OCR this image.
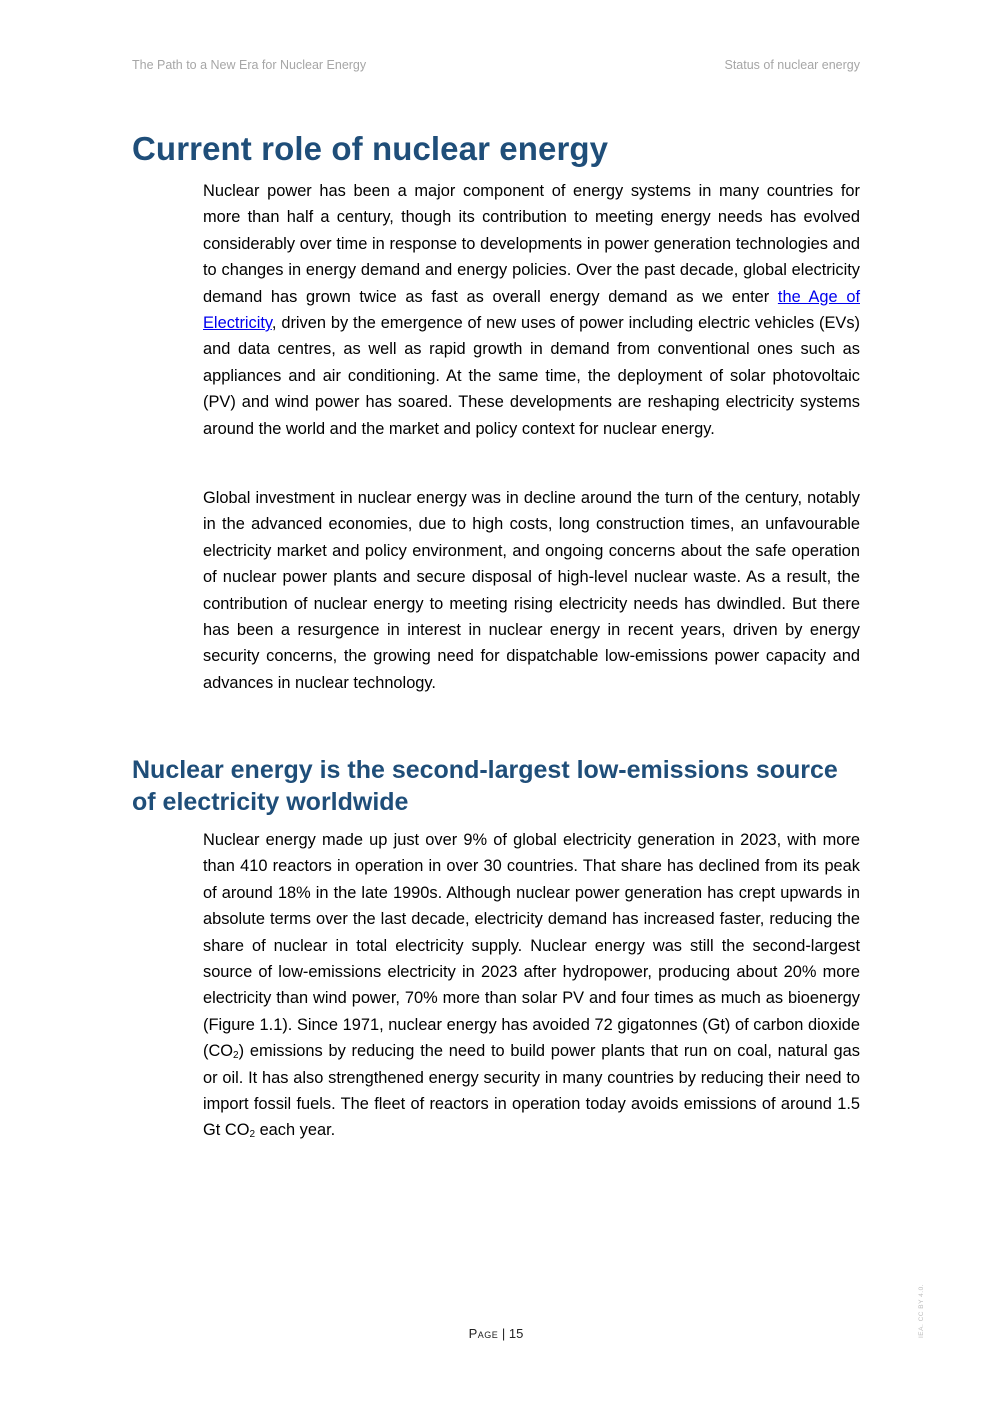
The Path to a New Era for Nuclear Energy	Status of nuclear energy
Current role of nuclear energy

Nuclear power has been a major component of energy systems in many countries for more than half a century, though its contribution to meeting energy needs has evolved considerably over time in response to developments in power generation technologies and to changes in energy demand and energy policies. Over the past decade, global electricity demand has grown twice as fast as overall energy demand as we enter the Age of Electricity, driven by the emergence of new uses of power including electric vehicles (EVs) and data centres, as well as rapid growth in demand from conventional ones such as appliances and air conditioning. At the same time, the deployment of solar photovoltaic (PV) and wind power has soared. These developments are reshaping electricity systems around the world and the market and policy context for nuclear energy.

Global investment in nuclear energy was in decline around the turn of the century, notably in the advanced economies, due to high costs, long construction times, an unfavourable electricity market and policy environment, and ongoing concerns about the safe operation of nuclear power plants and secure disposal of high-level nuclear waste. As a result, the contribution of nuclear energy to meeting rising electricity needs has dwindled. But there has been a resurgence in interest in nuclear energy in recent years, driven by energy security concerns, the growing need for dispatchable low-emissions power capacity and advances in nuclear technology.

Nuclear energy is the second-largest low-emissions source of electricity worldwide

Nuclear energy made up just over 9% of global electricity generation in 2023, with more than 410 reactors in operation in over 30 countries. That share has declined from its peak of around 18% in the late 1990s. Although nuclear power generation has crept upwards in absolute terms over the last decade, electricity demand has increased faster, reducing the share of nuclear in total electricity supply. Nuclear energy was still the second-largest source of low-emissions electricity in 2023 after hydropower, producing about 20% more electricity than wind power, 70% more than solar PV and four times as much as bioenergy (Figure 1.1). Since 1971, nuclear energy has avoided 72 gigatonnes (Gt) of carbon dioxide $(CO_2)$ emissions by reducing the need to build power plants that run on coal, natural gas or oil. It has also strengthened energy security in many countries by reducing their need to import fossil fuels. The fleet of reactors in operation today avoids emissions of around 1.5 Gt $CO_2$ each year.

Page | 15	IEA. CC BY 4.0.
